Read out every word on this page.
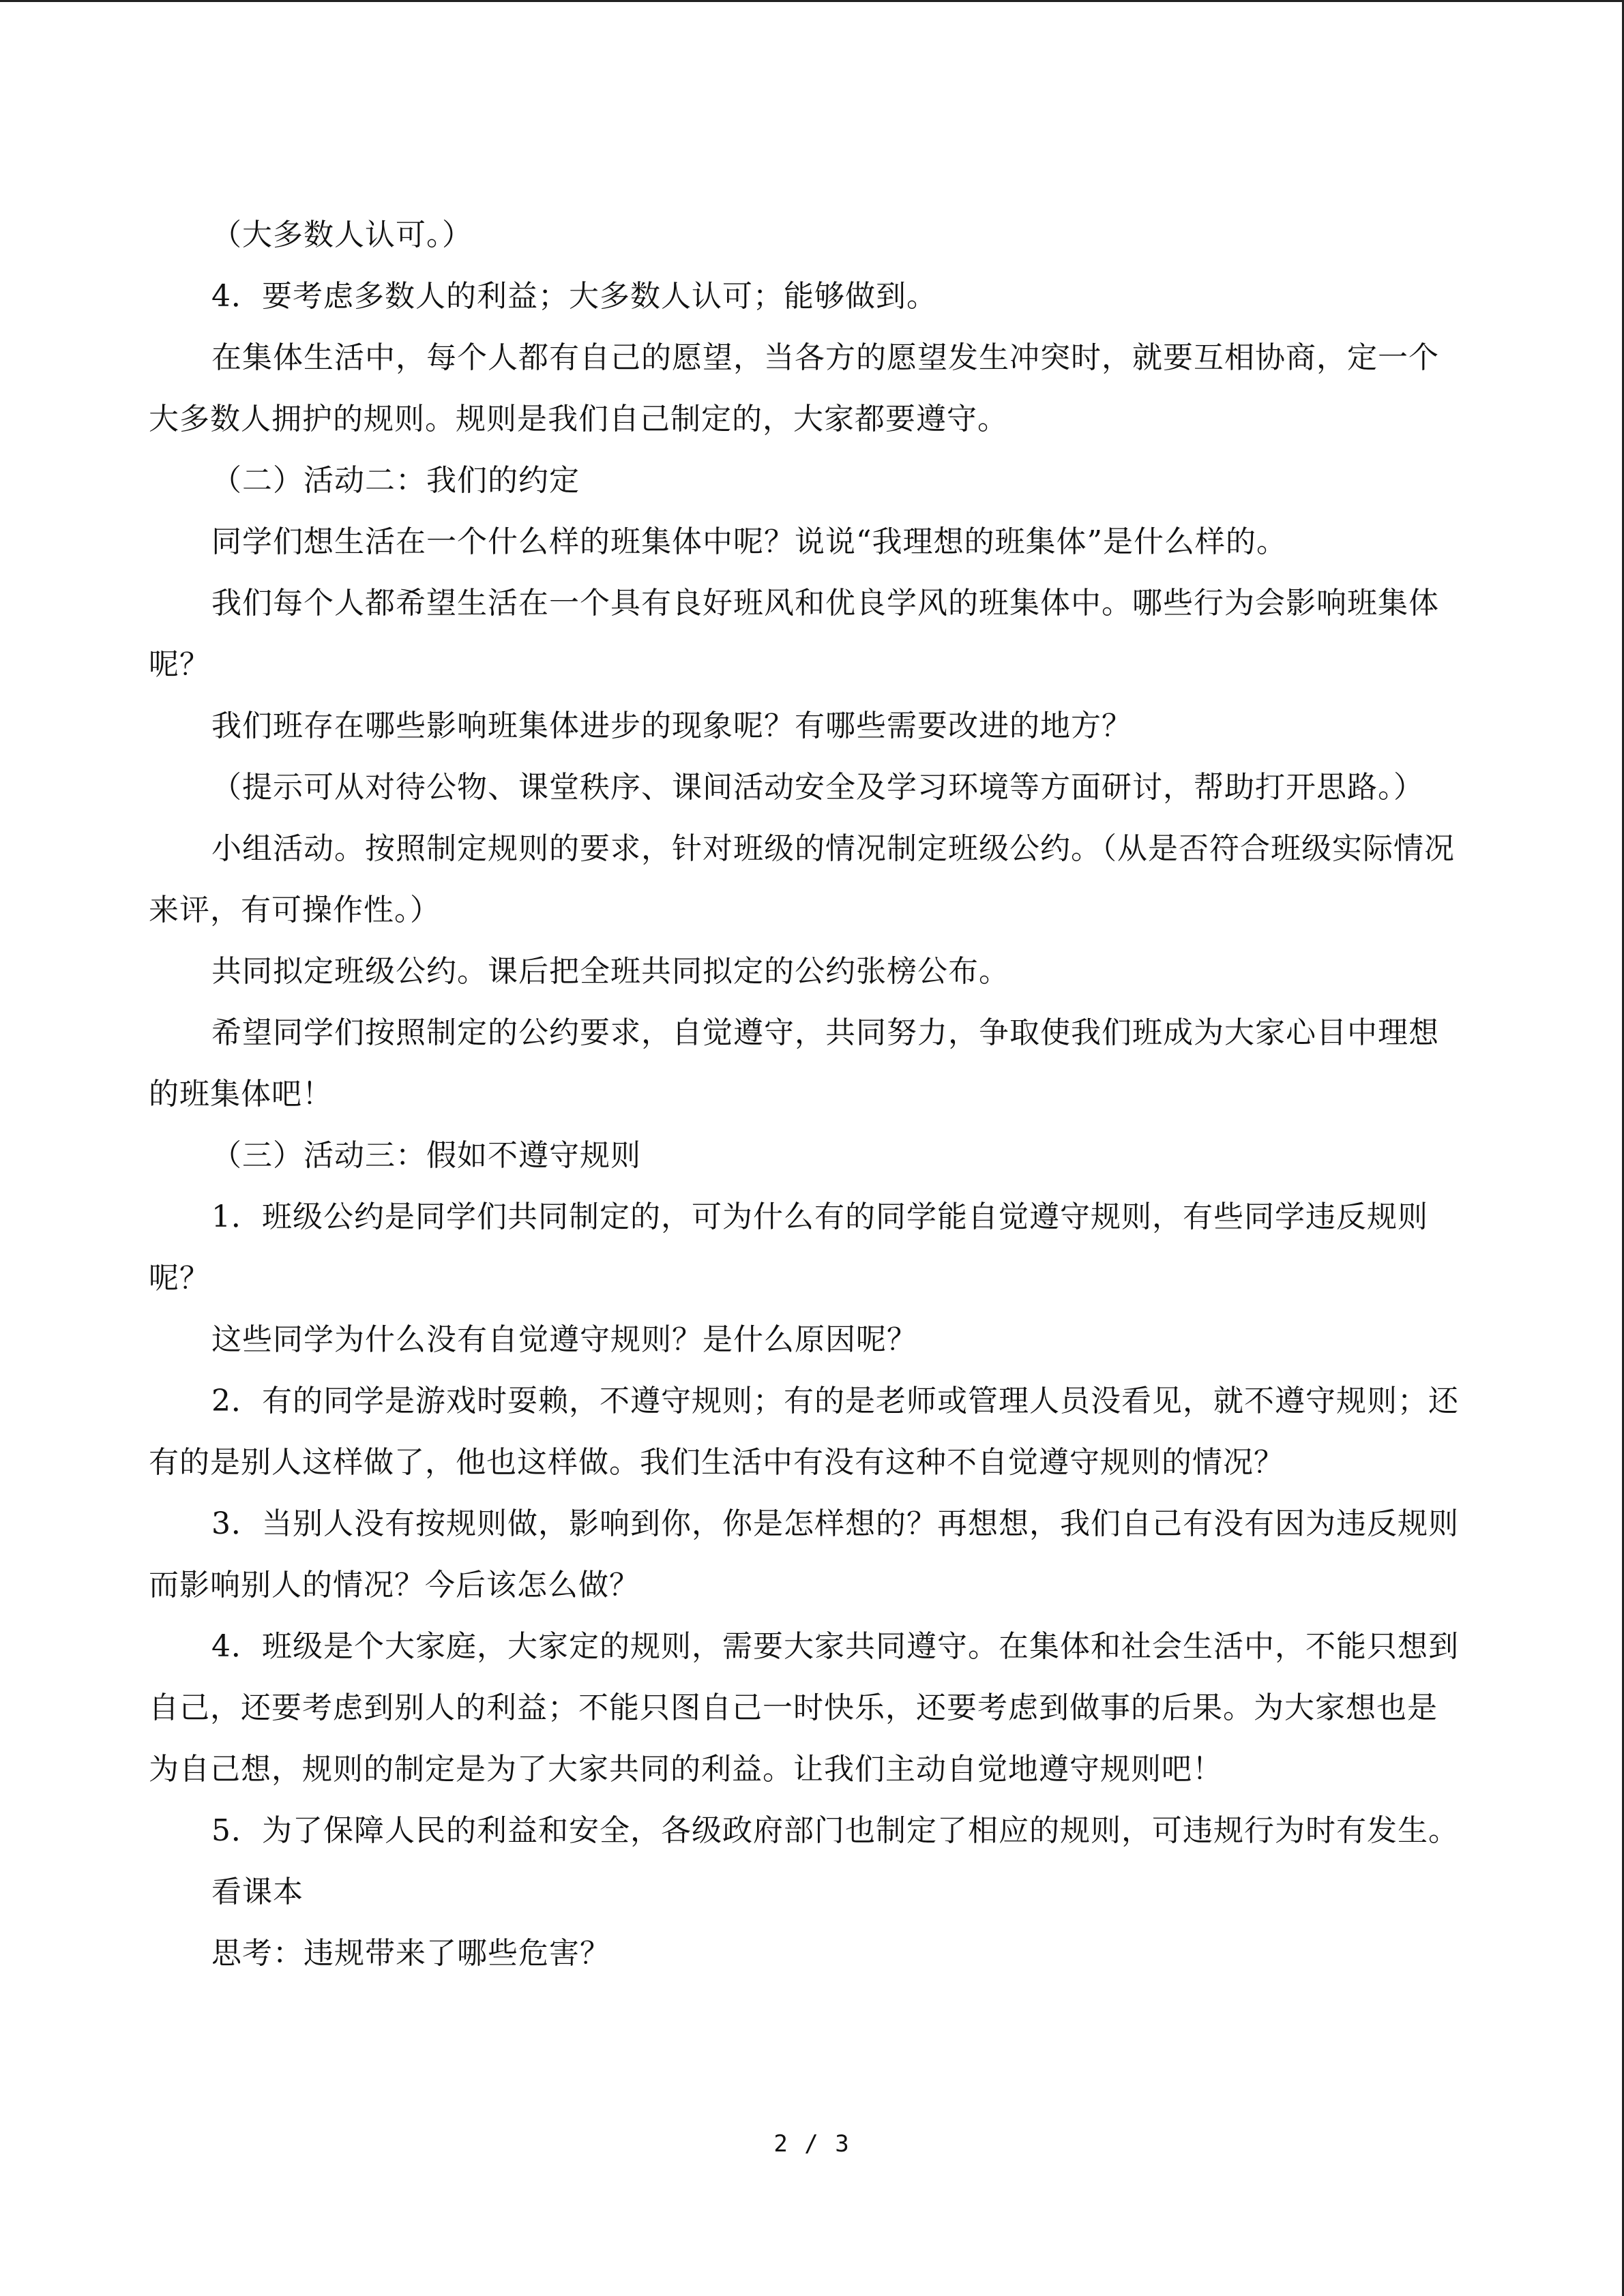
（大多数人认可。）

4．要考虑多数人的利益；大多数人认可；能够做到。

在集体生活中，每个人都有自己的愿望，当各方的愿望发生冲突时，就要互相协商，定一个大多数人拥护的规则。规则是我们自己制定的，大家都要遵守。

（二）活动二：我们的约定

同学们想生活在一个什么样的班集体中呢？说说“我理想的班集体”是什么样的。

我们每个人都希望生活在一个具有良好班风和优良学风的班集体中。哪些行为会影响班集体呢？

我们班存在哪些影响班集体进步的现象呢？有哪些需要改进的地方？

（提示可从对待公物、课堂秩序、课间活动安全及学习环境等方面研讨，帮助打开思路。）

小组活动。按照制定规则的要求，针对班级的情况制定班级公约。（从是否符合班级实际情况来评，有可操作性。）

共同拟定班级公约。课后把全班共同拟定的公约张榜公布。

希望同学们按照制定的公约要求，自觉遵守，共同努力，争取使我们班成为大家心目中理想的班集体吧！

（三）活动三：假如不遵守规则

1．班级公约是同学们共同制定的，可为什么有的同学能自觉遵守规则，有些同学违反规则呢？

这些同学为什么没有自觉遵守规则？是什么原因呢？

2．有的同学是游戏时耍赖，不遵守规则；有的是老师或管理人员没看见，就不遵守规则；还有的是别人这样做了，他也这样做。我们生活中有没有这种不自觉遵守规则的情况？

3．当别人没有按规则做，影响到你，你是怎样想的？再想想，我们自己有没有因为违反规则而影响别人的情况？今后该怎么做？

4．班级是个大家庭，大家定的规则，需要大家共同遵守。在集体和社会生活中，不能只想到自己，还要考虑到别人的利益；不能只图自己一时快乐，还要考虑到做事的后果。为大家想也是为自己想，规则的制定是为了大家共同的利益。让我们主动自觉地遵守规则吧！

5．为了保障人民的利益和安全，各级政府部门也制定了相应的规则，可违规行为时有发生。

看课本

思考：违规带来了哪些危害？

2 / 3
